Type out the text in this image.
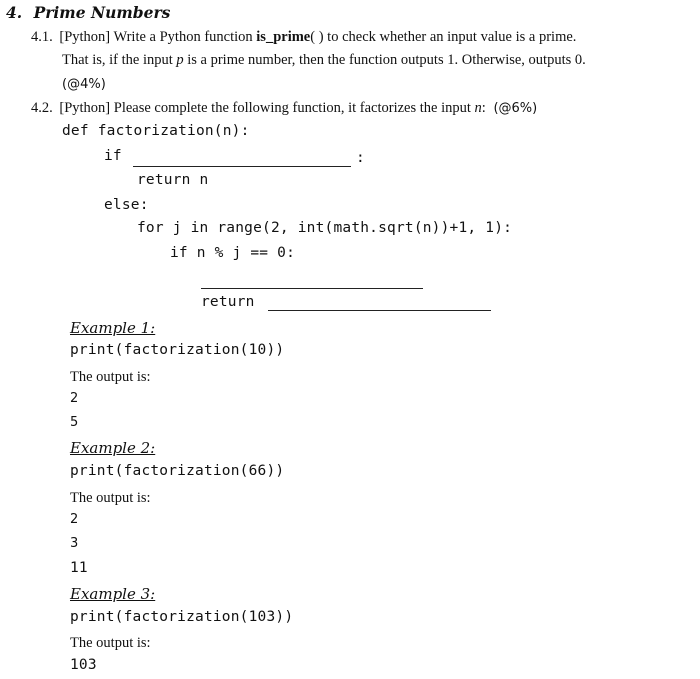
4. Prime Numbers
4.1. [Python] Write a Python function is_prime( ) to check whether an input value is a prime.
That is, if the input p is a prime number, then the function outputs 1. Otherwise, outputs 0.
(@4%)
4.2. [Python] Please complete the following function, it factorizes the input n: (@6%)
def factorization(n):
if	:
return n
else:
for j in range(2, int(math.sqrt(n))+1, 1):
if n % j == 0:
return
Example 1:
print(factorization(10))
The output is:
2
5
Example 2:
print(factorization(66))
The output is:
2
3
11
Example 3:
print(factorization(103))
The output is:
103
